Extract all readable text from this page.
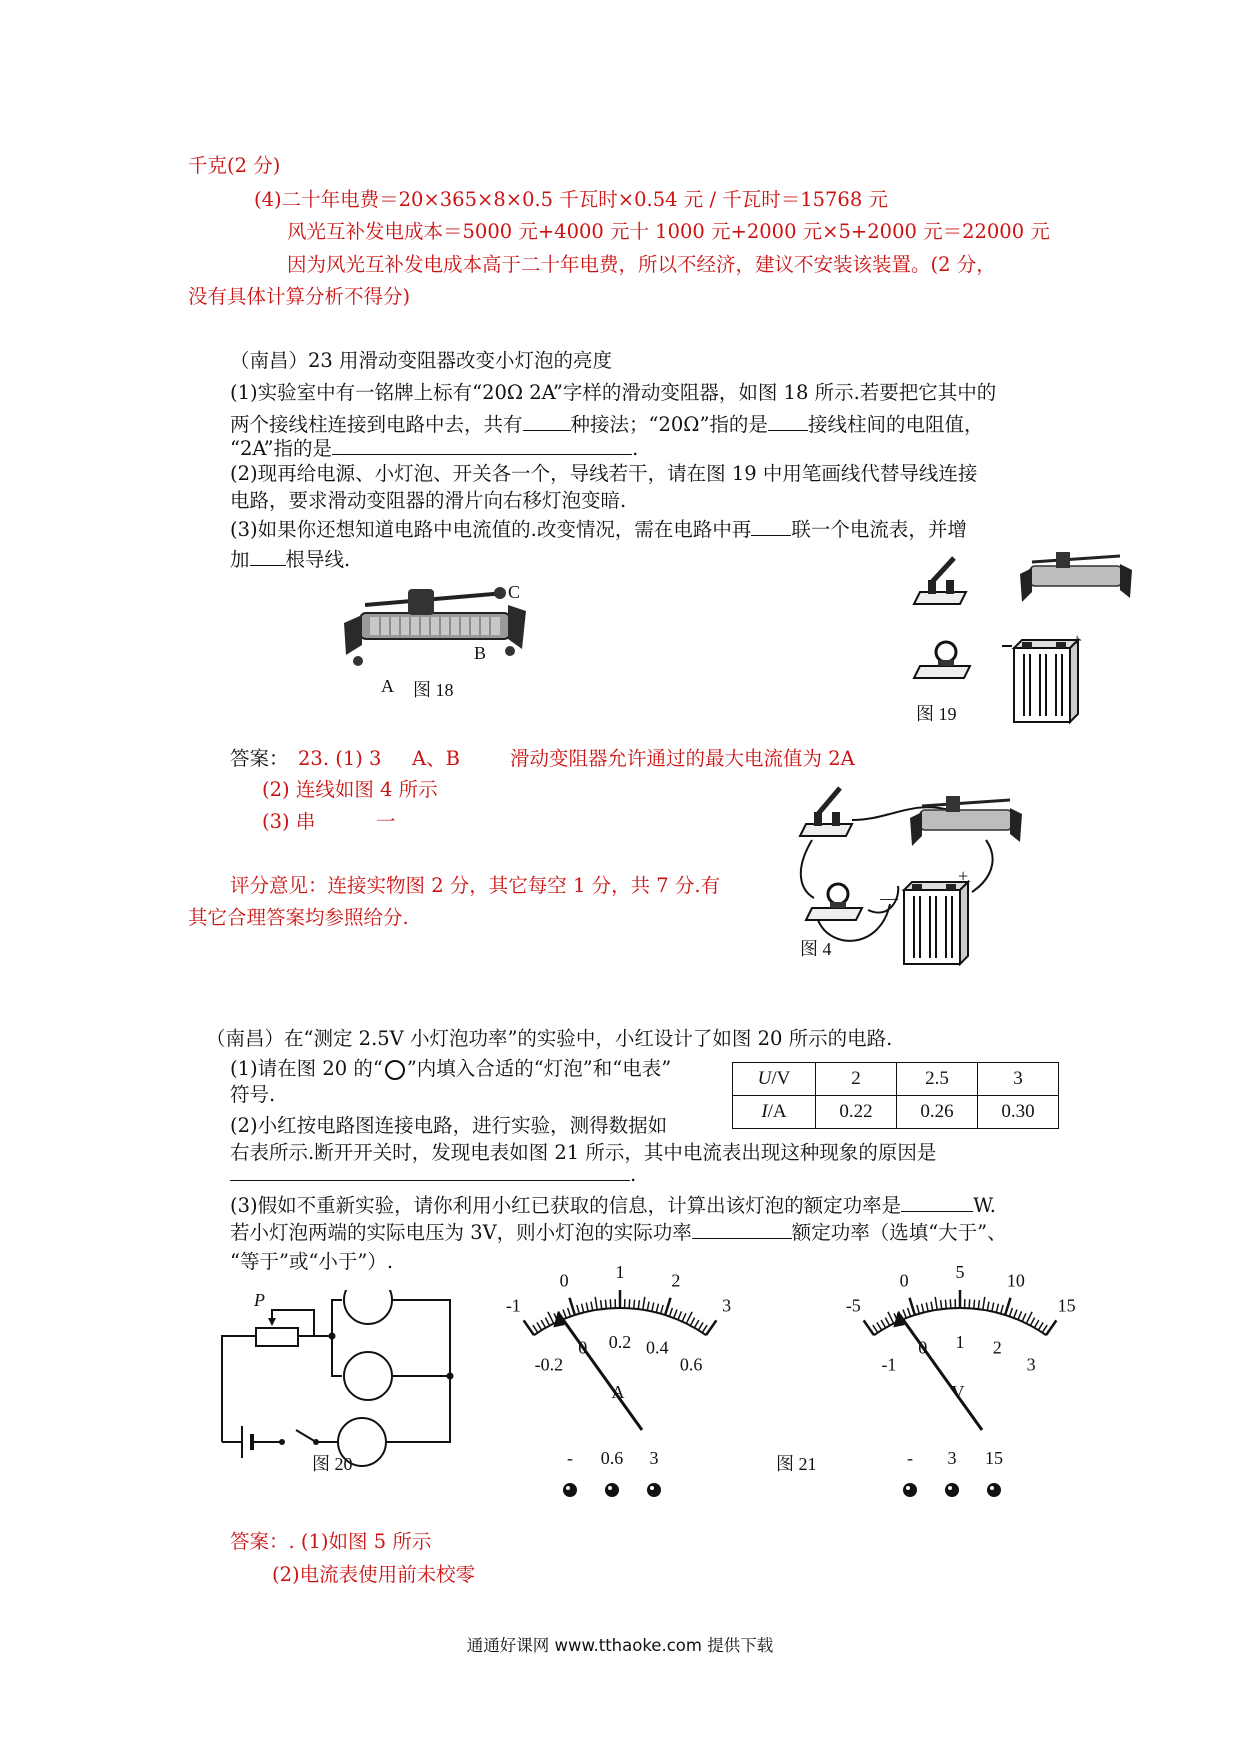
千克(2 分)
(4)二十年电费＝20×365×8×0.5 千瓦时×0.54 元 / 千瓦时＝15768 元
风光互补发电成本＝5000 元+4000 元十 1000 元+2000 元×5+2000 元＝22000 元
因为风光互补发电成本高于二十年电费，所以不经济，建议不安装该装置。(2 分，
没有具体计算分析不得分)
（南昌）23 用滑动变阻器改变小灯泡的亮度
(1)实验室中有一铭牌上标有“20Ω 2A”字样的滑动变阻器，如图 18 所示.若要把它其中的
两个接线柱连接到电路中去，共有 种接法；“20Ω”指的是 接线柱间的电阻值，
“2A”指的是	.
(2)现再给电源、小灯泡、开关各一个，导线若干，请在图 19 中用笔画线代替导线连接
电路，要求滑动变阻器的滑片向右移灯泡变暗.
(3)如果你还想知道电路中电流值的.改变情况，需在电路中再 联一个电流表，并增
加 根导线.
A 图 18
B
C
+
图 19
答案： 23. (1) 3 A、B	滑动变阻器允许通过的最大电流值为 2A
(2) 连线如图 4 所示
(3) 串	一
评分意见：连接实物图 2 分，其它每空 1 分，共 7 分.有
其它合理答案均参照给分.
+
—
图 4
（南昌）在“测定 2.5V 小灯泡功率”的实验中，小红设计了如图 20 所示的电路.
(1)请在图 20 的“ ”内填入合适的“灯泡”和“电表”
符号.
(2)小红按电路图连接电路，进行实验，测得数据如
右表所示.断开开关时，发现电表如图 21 所示，其中电流表出现这种现象的原因是
.
(3)假如不重新实验，请你利用小红已获取的信息，计算出该灯泡的额定功率是	W.
若小灯泡两端的实际电压为 3V，则小灯泡的实际功率	额定功率（选填“大于”、
“等于”或“小于”）.
U/V	2	2.5	3
I/A	0.22	0.26	0.30
P
图 20
-1
0	1	2
3
-0.2
0 0.2 0.4
0.6
A
- 0.6 3
-5
0	5 10
15
-1
0 1 2
3
V
- 3 15
图 21
答案：. (1)如图 5 所示
(2)电流表使用前未校零
通通好课网 www.tthaoke.com 提供下载
